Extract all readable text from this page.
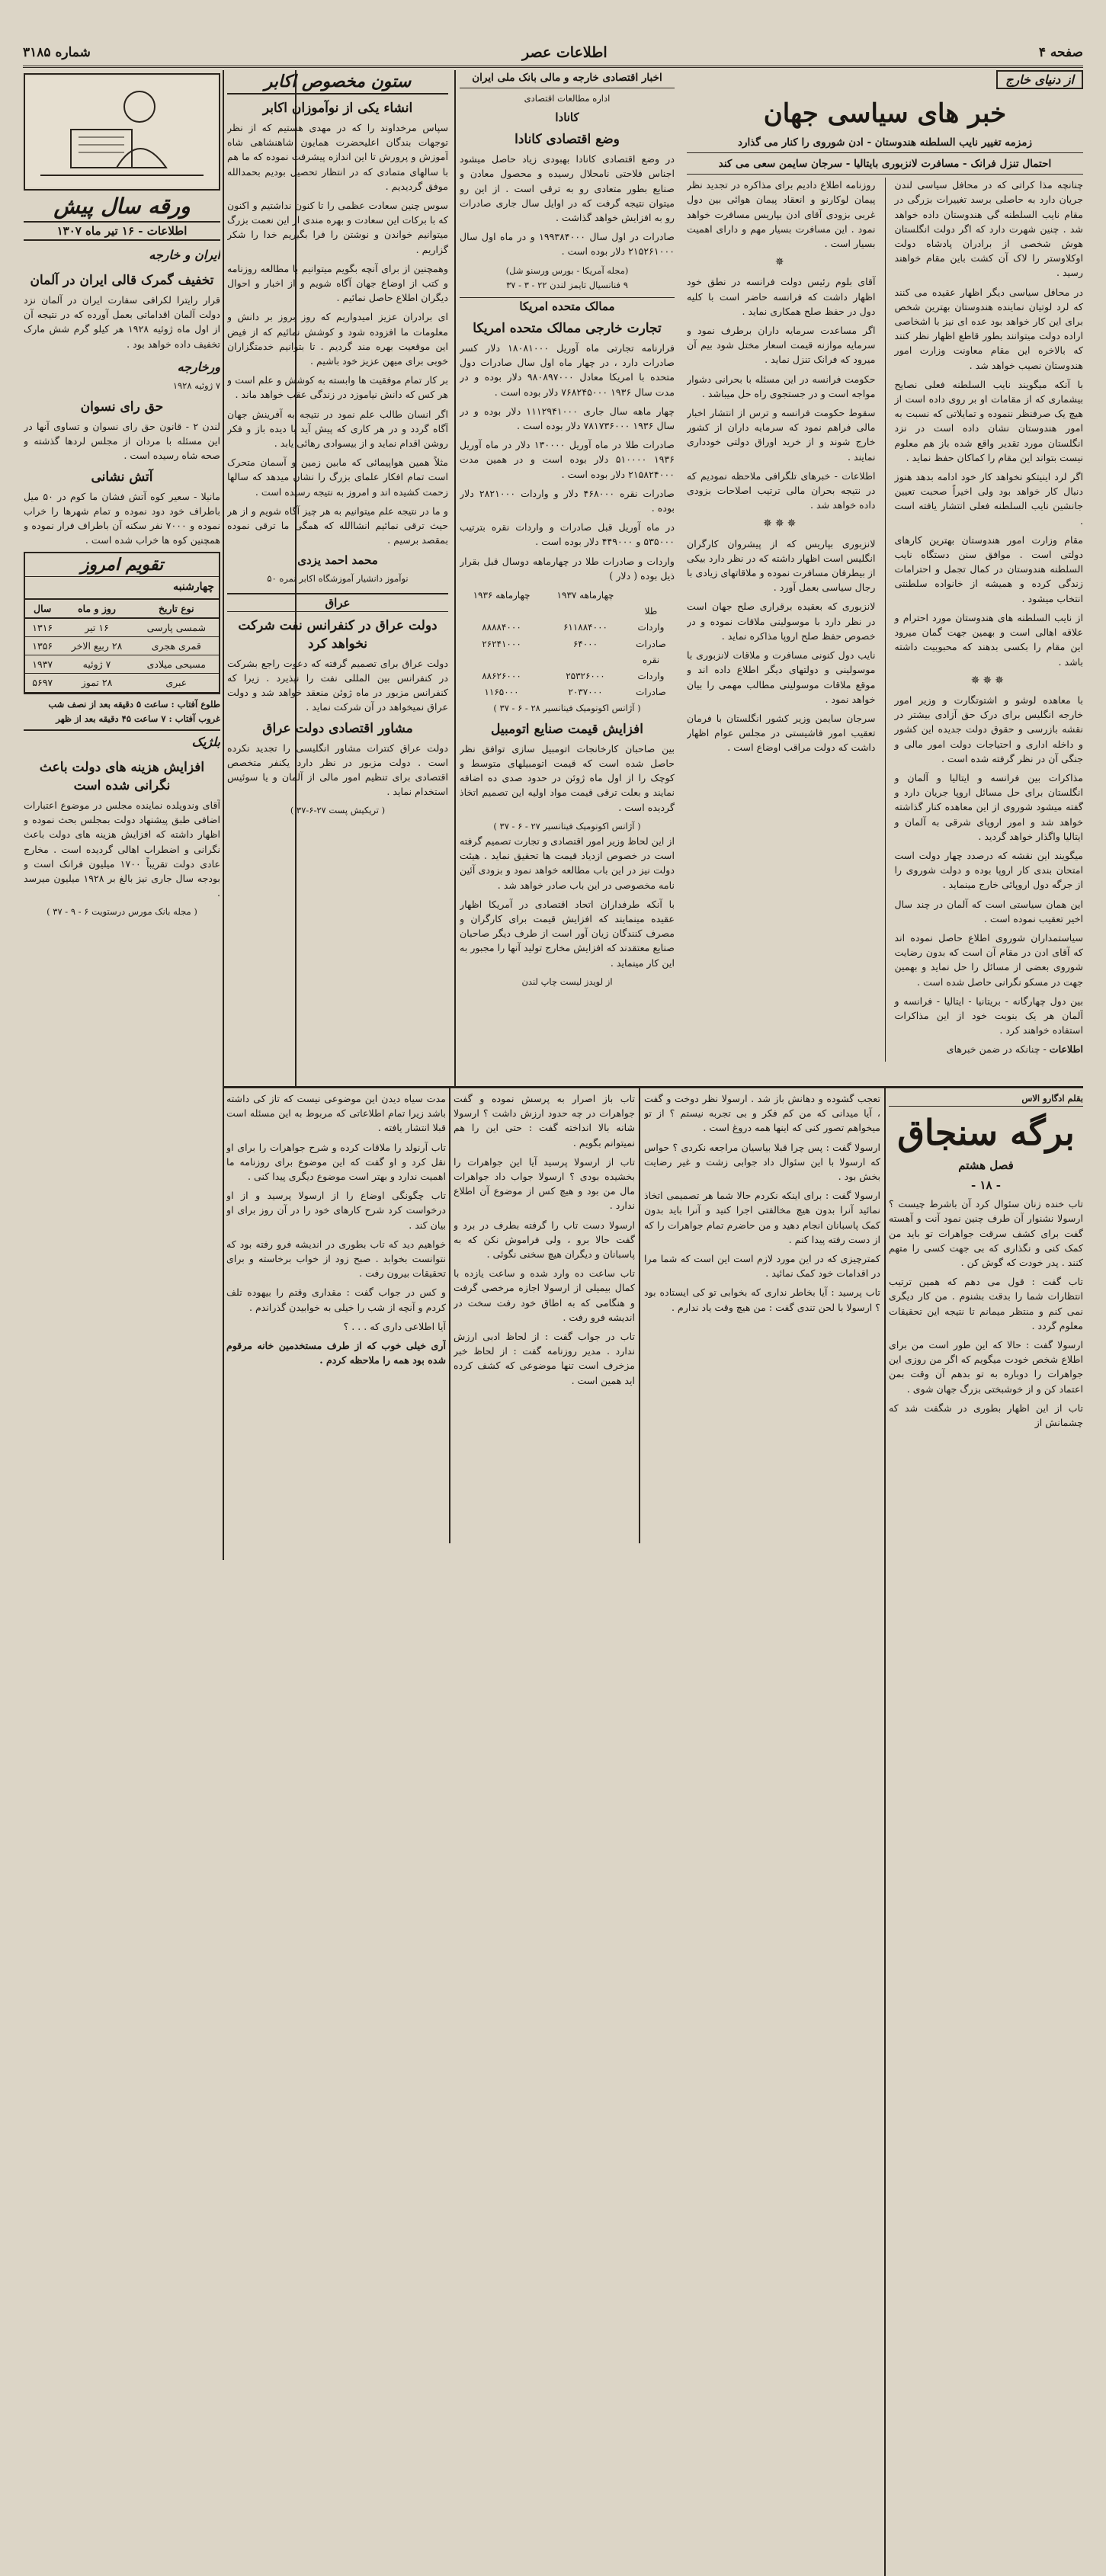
صفحه ۴
اطلاعات عصر
شماره ۳۱۸۵
از دنیای خارج
خبر های سیاسی جهان
زمزمه تغییر نایب السلطنه هندوستان - ادن شوروی را کنار می گذارد
احتمال تنزل فرانک - مسافرت لانزبوری بایتالیا - سرجان سایمن سعی می کند

چنانچه مذا کراتی که در محافل سیاسی لندن جریان دارد به حاصلی برسد تغییرات بزرگی در مقام نایب السلطنه گی هندوستان داده خواهد شد . چنین شهرت دارد که اگر دولت انگلستان هوش شخصی از برادران پادشاه دولت اوکلاوستر را لاک آن کشت باین مقام خواهند رسید .

در محافل سیاسی دیگر اظهار عقیده می کنند که لرد لوتیان نماینده هندوستان بهترین شخص برای این کار خواهد بود عده ای نیز با اشخاصی اراده دولت میتوانند بطور قاطع اظهار نظر کنند که بالاخره این مقام معاونت وزارت امور هندوستان نصیب خواهد شد .

با آنکه میگویند نایب السلطنه فعلی نصایح بیشماری که از مقامات او بر روی داده است از هیچ یک صرفنظر ننموده و تمایلاتی که نسبت به امور هندوستان نشان داده است در نزد انگلستان مورد تقدیر واقع شده باز هم معلوم نیست بتواند این مقام را کماکان حفظ نماید .

اگر لرد اینیتکو نخواهد کار خود ادامه بدهد هنوز دنبال کار خواهد بود ولی اخیراً صحبت تعیین جانشین نایب السلطنه فعلی انتشار یافته است .

مقام وزارت امور هندوستان بهترین کارهای دولتی است . موافق سنن دستگاه نایب السلطنه هندوستان در کمال تجمل و احترامات زندگی کرده و همیشه از خانواده سلطنتی انتخاب میشود .

از نایب السلطنه های هندوستان مورد احترام و علاقه اهالی است و بهمین جهت گمان میرود این مقام را بکسی بدهند که محبوبیت داشته باشد .

✵✵✵

با معاهده لوشو و اشتوتگارت و وزیر امور خارجه انگلیس برای درک حق آزادی بیشتر در نقشه بازرسی و حقوق دولت جدیده این کشور و داخله اداری و احتیاجات دولت امور مالی و جنگی آن در نظر گرفته شده است .

مذاکرات بین فرانسه و ایتالیا و آلمان و انگلستان برای حل مسائل اروپا جریان دارد و گفته میشود شوروی از این معاهده کنار گذاشته خواهد شد و امور اروپای شرقی به آلمان و ایتالیا واگذار خواهد گردید .

میگویند این نقشه که درصدد چهار دولت است امتحان بندی کار اروپا بوده و دولت شوروی را از جرگه دول اروپائی خارج مینماید .

این همان سیاستی است که آلمان در چند سال اخیر تعقیب نموده است .

سیاستمداران شوروی اطلاع حاصل نموده اند که آقای ادن در مقام آن است که بدون رضایت شوروی بعضی از مسائل را حل نماید و بهمین جهت در مسکو نگرانی حاصل شده است .

بین دول چهارگانه - بریتانیا - ایتالیا - فرانسه و آلمان هر یک بنوبت خود از این مذاکرات استفاده خواهند کرد .

اطلاعات - چنانکه در ضمن خبرهای

روزنامه اطلاع دادیم برای مذاکره در تجدید نظر پیمان لوکارنو و انعقاد پیمان هوائی بین دول غربی بزودی آقای ادن بپاریس مسافرت خواهد نمود . این مسافرت بسیار مهم و دارای اهمیت بسیار است .

✵

آقای بلوم رئیس دولت فرانسه در نطق خود اظهار داشت که فرانسه حاضر است با کلیه دول در حفظ صلح همکاری نماید .

اگر مساعدت سرمایه داران برطرف نمود و سرمایه موازنه قیمت اسعار مختل شود بیم آن میرود که فرانک تنزل نماید .

حکومت فرانسه در این مسئله با بحرانی دشوار مواجه است و در جستجوی راه حل میباشد .

سقوط حکومت فرانسه و ترس از انتشار اخبار مالی فراهم نمود که سرمایه داران از کشور خارج شوند و از خرید اوراق دولتی خودداری نمایند .

اطلاعات - خبرهای تلگرافی ملاحظه نمودیم که در نتیجه بحران مالی ترتیب اصلاحات بزودی داده خواهد شد .

✵✵✵

لانزبوری بپاریس که از پیشروان کارگران انگلیس است اظهار داشته که در نظر دارد بیکی از بیطرفان مسافرت نموده و ملاقاتهای زیادی با رجال سیاسی بعمل آورد .

لانزبوری که بعقیده برقراری صلح جهان است در نظر دارد با موسولینی ملاقات نموده و در خصوص حفظ صلح اروپا مذاکره نماید .

نایب دول کنونی مسافرت و ملاقات لانزبوری با موسولینی و دولتهای دیگر اطلاع داده اند و موقع ملاقات موسولینی مطالب مهمی را بیان خواهد نمود .

سرجان سایمن وزیر کشور انگلستان با فرمان تعقیب امور فاشیستی در مجلس عوام اظهار داشت که دولت مراقب اوضاع است .

اخبار اقتصادی خارجه و مالی بانک ملی ایران
اداره مطالعات اقتصادی
کانادا
وضع اقتصادی کانادا

در وضع اقتصادی کانادا بهبودی زیاد حاصل میشود اجناس فلاحتی نامحلال رسیده و محصول معادن و صنایع بطور متعادی رو به ترقی است . از این رو میتوان نتیجه گرفت که در اوایل سال جاری صادرات رو به افزایش خواهد گذاشت .

صادرات در اول سال ۱۹۹۳۸۴۰۰۰ و در ماه اول سال ۲۱۵۲۶۱۰۰۰ دلار بوده است .

(مجله آمریکا - بورس ورسنو شل)
٩ فنانسیال تایمز لندن ٢٢ - ٣ - ٣٧
ممالک متحده امریکا
تجارت خارجی ممالک متحده امریکا

فرارنامه تجارتی ماه آوریل ۱۸۰۸۱۰۰۰ دلار کسر صادرات دارد ، در چهار ماه اول سال صادرات دول متحده با امریکا معادل ۹۸۰۸۹۷۰۰۰ دلار بوده و در مدت سال ۱۹۳۶ ۷۶۸۲۴۵۰۰۰ دلار بوده است .

چهار ماهه سال جاری ۱۱۱۲۹۴۱۰۰۰ دلار بوده و در سال ۱۹۳۶ ۷۸۱۷۳۶۰۰۰ دلار بوده است .

صادرات طلا در ماه آوریل ۱۳۰۰۰۰ دلار در ماه آوریل ۱۹۳۶ ۵۱۰۰۰۰ دلار بوده است و در همین مدت ۲۱۵۸۲۴۰۰۰ دلار بوده است .

صادرات نقره ۴۶۸۰۰۰ دلار و واردات ۲۸۲۱۰۰۰ دلار بوده .

در ماه آوریل قبل صادرات و واردات نقره بترتیب ۵۳۵۰۰۰ و ۴۴۹۰۰۰ دلار بوده است .

واردات و صادرات طلا در چهارماهه دوسال قبل بقرار ذیل بوده ( دلار )

	چهارماهه ۱۹۳۷	چهارماهه ۱۹۳۶
طلا		
واردات	۶۱۱۸۸۴۰۰۰	۸۸۸۸۴۰۰۰
صادرات	۶۴۰۰۰	۲۶۲۴۱۰۰۰
نقره		
واردات	۲۵۳۲۶۰۰۰	۸۸۶۲۶۰۰۰
صادرات	۲۰۳۷۰۰۰	۱۱۶۵۰۰۰
( آژانس اکونومیک فینانسیر ۲۸ - ۶ - ۳۷ )
افزایش قیمت صنایع اتومبیل

بین صاحبان کارخانجات اتومبیل سازی توافق نظر حاصل شده است که قیمت اتومبیلهای متوسط و کوچک را از اول ماه ژوئن در حدود صدی ده اضافه نمایند و بعلت ترقی قیمت مواد اولیه این تصمیم اتخاذ گردیده است .

( آژانس اکونومیک فینانسیر ۲۷ - ۶ - ۳۷ )

از این لحاظ وزیر امور اقتصادی و تجارت تصمیم گرفته است در خصوص ازدیاد قیمت ها تحقیق نماید . هیئت دولت نیز در این باب مطالعه خواهد نمود و بزودی آئین نامه مخصوصی در این باب صادر خواهد شد .

با آنکه طرفداران اتحاد اقتصادی در آمریکا اظهار عقیده مینمایند که افزایش قیمت برای کارگران و مصرف کنندگان زیان آور است از طرف دیگر صاحبان صنایع معتقدند که افزایش مخارج تولید آنها را مجبور به این کار مینماید .

از لویدز لیست چاپ لندن
ستون مخصوص اکابر
انشاء یکی از نوآموزان اکابر

سپاس مرخداوند را که در مهدی هستیم که از نظر توجهات بندگان اعلیحضرت همایون شاهنشاهی شاه آموزش و پرورش تا این اندازه پیشرفت نموده که ما هم با سالهای متمادی که در انتظار تحصیل بودیم بحمدالله موفق گردیدیم .

سوس چنین سعادت عظمی را تا کنون نداشتیم و اکنون که با برکات این سعادت و بهره مندی از این نعمت بزرگ میتوانیم خواندن و نوشتن را فرا بگیریم خدا را شکر گزاریم .

وهمچنین از برای آنچه بگویم میتوانیم با مطالعه روزنامه و کتب از اوضاع جهان آگاه شویم و از اخبار و احوال دیگران اطلاع حاصل نمائیم .

ای برادران عزیز امیدواریم که روز بروز بر دانش و معلومات ما افزوده شود و کوشش نمائیم که از فیض این موقعیت بهره مند گردیم . تا بتوانیم خدمتگزاران خوبی برای میهن عزیز خود باشیم .

بر کار تمام موفقیت ها وابسته به کوشش و علم است و هر کس که دانش نیاموزد در زندگی عقب خواهد ماند .

اگر انسان طالب علم نمود در نتیجه به آفرینش جهان آگاه گردد و در هر کاری که پیش آید با دیده باز و فکر روشن اقدام نماید و از بیسوادی رهائی یابد .

مثلاً همین هواپیمائی که مابین زمین و آسمان متحرک است تمام افکار علمای بزرگ را نشان میدهد که سالها زحمت کشیده اند و امروز به نتیجه رسیده است .

و ما در نتیجه علم میتوانیم به هر چیز آگاه شویم و از هر حیث ترقی نمائیم انشاالله که همگی ما ترقی نموده بمقصد برسیم .

محمد احمد یزدی
نوآموز دانشیار آموزشگاه اکابر نمره ۵۰
عراق
دولت عراق در کنفرانس نفت شرکت نخواهد کرد

دولت عراق برای تصمیم گرفته که دعوت راجع بشرکت در کنفرانس بین المللی نفت را نپذیرد . زیرا که کنفرانس مزبور در ماه ژوئن منعقد خواهد شد و دولت عراق نمیخواهد در آن شرکت نماید .

مشاور اقتصادی دولت عراق

دولت عراق کنترات مشاور انگلیسی را تجدید نکرده است . دولت مزبور در نظر دارد یکنفر متخصص اقتصادی برای تنظیم امور مالی از آلمان و یا سوئیس استخدام نماید .

( تریکیش پست ۲۷-۶-۳۷ )
ورقه سال پیش
اطلاعات - ۱۶ تیر ماه ۱۳۰۷
ایران و خارجه
تخفیف گمرک قالی ایران در آلمان

قرار رایترا لکرافی سفارت ایران در آلمان نزد دولت آلمان اقداماتی بعمل آورده که در نتیجه آن از اول ماه ژوئیه ۱۹۲۸ هر کیلو گرم شش مارک تخفیف داده خواهد بود .

ورخارجه
۷ ژوئیه ۱۹۲۸
حق رای نسوان

لندن ۲ - قانون حق رای نسوان و تساوی آنها در این مسئله با مردان از مجلس لردها گذشته و صحه شاه رسیده است .

آتش نشانی

مانیلا - سعیر کوه آتش فشان ما کوم در ۵۰ میل باطراف خود دود نموده و تمام شهرها را خراب نموده و ۷۰۰۰ نفر سکنه آن باطراف فرار نموده و همچنین کوه ها خراب شده است .

تقویم امروز
چهارشنبه
نوع تاریخ	روز و ماه	سال
شمسی پارسی	۱۶ تیر	۱۳۱۶
قمری هجری	۲۸ ربیع الاخر	۱۳۵۶
مسیحی میلادی	۷ ژوئیه	۱۹۳۷
عبری	۲۸ تموز	۵۶۹۷
طلوع آفتاب : ساعت ۵ دقیقه بعد از نصف شب
غروب آفتاب : ۷ ساعت ۴۵ دقیقه بعد از ظهر
بلژیک
افزایش هزینه های دولت باعث نگرانی شده است

آقای وندویلده نماینده مجلس در موضوع اعتبارات اضافی طبق پیشنهاد دولت بمجلس بحث نموده و اظهار داشته که افزایش هزینه های دولت باعث نگرانی و اضطراب اهالی گردیده است . مخارج عادی دولت تقریباً ۱۷۰۰ میلیون فرانک است و بودجه سال جاری نیز بالغ بر ۱۹۲۸ میلیون میرسد .

( مجله بانک مورس درستویت ۶ - ۹ - ۳۷ )
بقلم ادگارو الاس
برگه سنجاق
فصل هشتم
- ۱۸ -

تاب خنده زنان سئوال کرد آن باشرط چیست ؟ ارسولا نشنوار آن طرف چنین نمود آنت و آهسته گفت برای کشف سرقت جواهرات تو باید من کمک کنی و نگذاری که بی جهت کسی را متهم کنند . پدر خودت که گوش کن .

تاب گفت : قول می دهم که همین ترتیب انتظارات شما را بدقت بشنوم . من کار دیگری نمی کنم و منتظر میمانم تا نتیجه این تحقیقات معلوم گردد .

ارسولا گفت : حالا که این طور است من برای اطلاع شخص خودت میگویم که اگر من روزی این جواهرات را دوباره به تو بدهم آن وقت بمن اعتماد کن و از خوشبختی بزرگ جهان شوی .

تاب از این اظهار بطوری در شگفت شد که چشمانش از

تعجب گشوده و دهانش باز شد . ارسولا نظر دوخت و گفت ، آیا میدانی که من کم فکر و بی تجربه نیستم ؟ از تو میخواهم تصور کنی که اینها همه دروغ است .

ارسولا گفت : پس چرا قبلا بیاسیان مراجعه نکردی ؟ حواس که ارسولا با این سئوال داد جوابی زشت و غیر رضایت بخش بود .

ارسولا گفت : برای اینکه نکردم حالا شما هر تصمیمی اتخاذ نمائید آنرا بدون هیچ مخالفتی اجرا کنید و آنرا باید بدون کمک پاسبانان انجام دهید و من حاضرم تمام جواهرات را که از دست رفته پیدا کنم .

کمترچیزی که در این مورد لازم است این است که شما مرا در اقدامات خود کمک نمائید .

تاب پرسید : آیا بخاطر نداری که بخوابی تو کی ایستاده بود ؟ ارسولا با لحن تندی گفت : من هیچ وقت یاد ندارم .

تاب باز اصرار به پرسش نموده و گفت جواهرات در چه حدود ارزش داشت ؟ ارسولا شانه بالا انداخته گفت : حتی این را هم نمیتوانم بگویم .

تاب از ارسولا پرسید آیا این جواهرات را بخشیده بودی ؟ ارسولا جواب داد جواهرات مال من بود و هیچ کس از موضوع آن اطلاع ندارد .

ارسولا دست تاب را گرفته بطرف در برد و گفت حالا برو ، ولی فراموش نکن که به پاسبانان و دیگران هیچ سخنی نگوئی .

تاب ساعت ده وارد شده و ساعت یازده با کمال بیمیلی از ارسولا اجازه مرخصی گرفت و هنگامی که به اطاق خود رفت سخت در اندیشه فرو رفت .

تاب در جواب گفت : از لحاظ ادبی ارزش ندارد . مدیر روزنامه گفت : از لحاظ خبر مزخرف است تنها موضوعی که کشف کرده اید همین است .

مدت سیاه دیدن این موضوعی نیست که تاز کی داشته باشد زیرا تمام اطلاعاتی که مربوط به این مسئله است قبلا انتشار یافته .

تاب آرنولد را ملاقات کرده و شرح جواهرات را برای او نقل کرد و او گفت که این موضوع برای روزنامه ما اهمیت ندارد و بهتر است موضوع دیگری پیدا کنی .

تاب چگونگی اوضاع را از ارسولا پرسید و از او درخواست کرد شرح کارهای خود را در آن روز برای او بیان کند .

خواهیم دید که تاب بطوری در اندیشه فرو رفته بود که نتوانست بخوابد . صبح زود از خواب برخاسته و برای تحقیقات بیرون رفت .

و کس در جواب گفت : مقداری وقتم را بیهوده تلف کردم و آنچه از شب را خیلی به خوابیدن گذراندم .

آیا اطلاعی داری که . . . ؟

آری خیلی خوب که از طرف مستخدمین خانه مرقوم شده بود همه را ملاحظه کردم .
